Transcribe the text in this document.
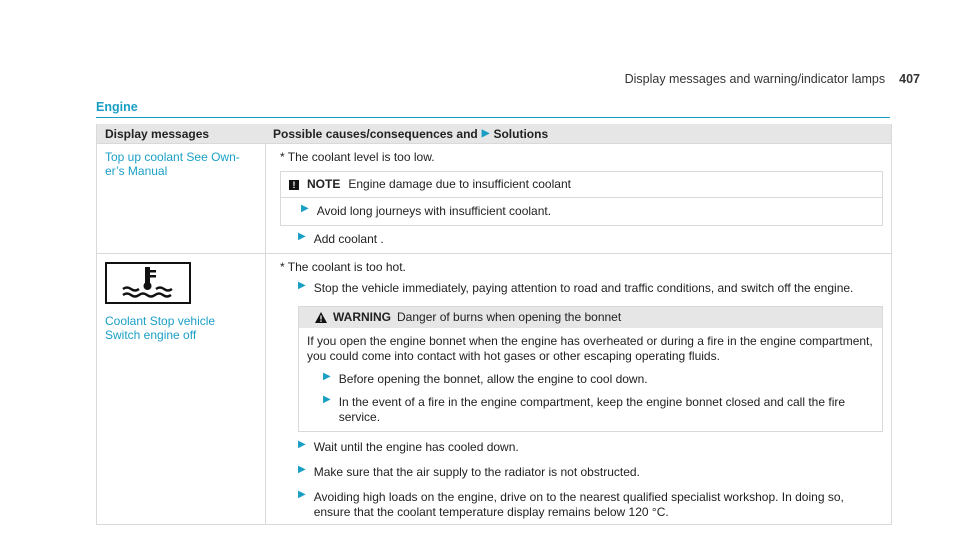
Display messages and warning/indicator lamps 407
Engine
Display messages	Possible causes/consequences and ▶ Solutions
Top up coolant See Own-er’s Manual
* The coolant level is too low.
! NOTE Engine damage due to insufficient coolant
▶ Avoid long journeys with insufficient coolant.
▶ Add coolant .
Coolant Stop vehicle
Switch engine off
* The coolant is too hot.
▶ Stop the vehicle immediately, paying attention to road and traffic conditions, and switch off the engine.
WARNING Danger of burns when opening the bonnet

If you open the engine bonnet when the engine has overheated or during a fire in the engine compartment, you could come into contact with hot gases or other escaping operating fluids.

▶ Before opening the bonnet, allow the engine to cool down.
▶ In the event of a fire in the engine compartment, keep the engine bonnet closed and call the fire service.
▶ Wait until the engine has cooled down.
▶ Make sure that the air supply to the radiator is not obstructed.
▶ Avoiding high loads on the engine, drive on to the nearest qualified specialist workshop. In doing so, ensure that the coolant temperature display remains below 120 °C.
